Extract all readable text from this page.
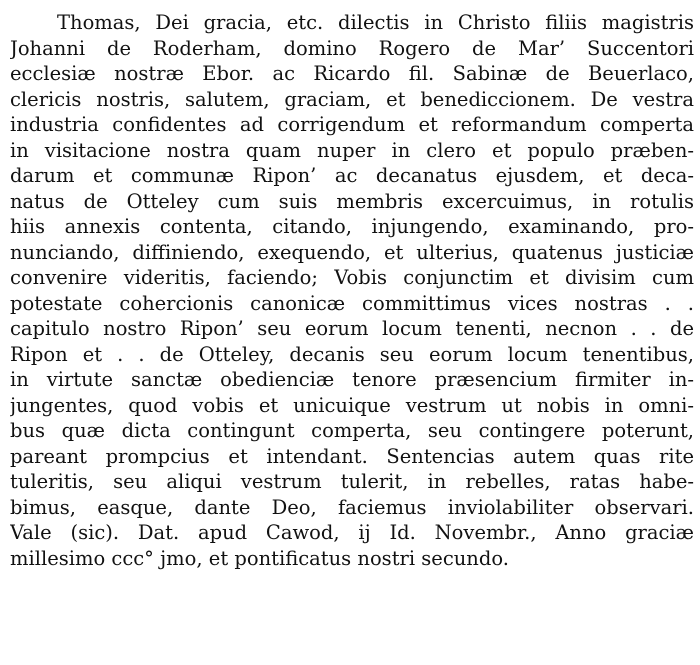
Thomas, Dei gracia, etc. dilectis in Christo filiis magistris
Johanni de Roderham, domino Rogero de Mar’ Succentori
ecclesiæ nostræ Ebor. ac Ricardo fil. Sabinæ de Beuerlaco,
clericis nostris, salutem, graciam, et benediccionem. De vestra
industria confidentes ad corrigendum et reformandum comperta
in visitacione nostra quam nuper in clero et populo præben-
darum et communæ Ripon’ ac decanatus ejusdem, et deca-
natus de Otteley cum suis membris excercuimus, in rotulis
hiis annexis contenta, citando, injungendo, examinando, pro-
nunciando, diffiniendo, exequendo, et ulterius, quatenus justiciæ
convenire videritis, faciendo; Vobis conjunctim et divisim cum
potestate cohercionis canonicæ committimus vices nostras . .
capitulo nostro Ripon’ seu eorum locum tenenti, necnon . . de
Ripon et . . de Otteley, decanis seu eorum locum tenentibus,
in virtute sanctæ obedienciæ tenore præsencium firmiter in-
jungentes, quod vobis et unicuique vestrum ut nobis in omni-
bus quæ dicta contingunt comperta, seu contingere poterunt,
pareant prompcius et intendant. Sentencias autem quas rite
tuleritis, seu aliqui vestrum tulerit, in rebelles, ratas habe-
bimus, easque, dante Deo, faciemus inviolabiliter observari.
Vale (sic). Dat. apud Cawod, ij Id. Novembr., Anno graciæ
millesimo ccc° jmo, et pontificatus nostri secundo.
